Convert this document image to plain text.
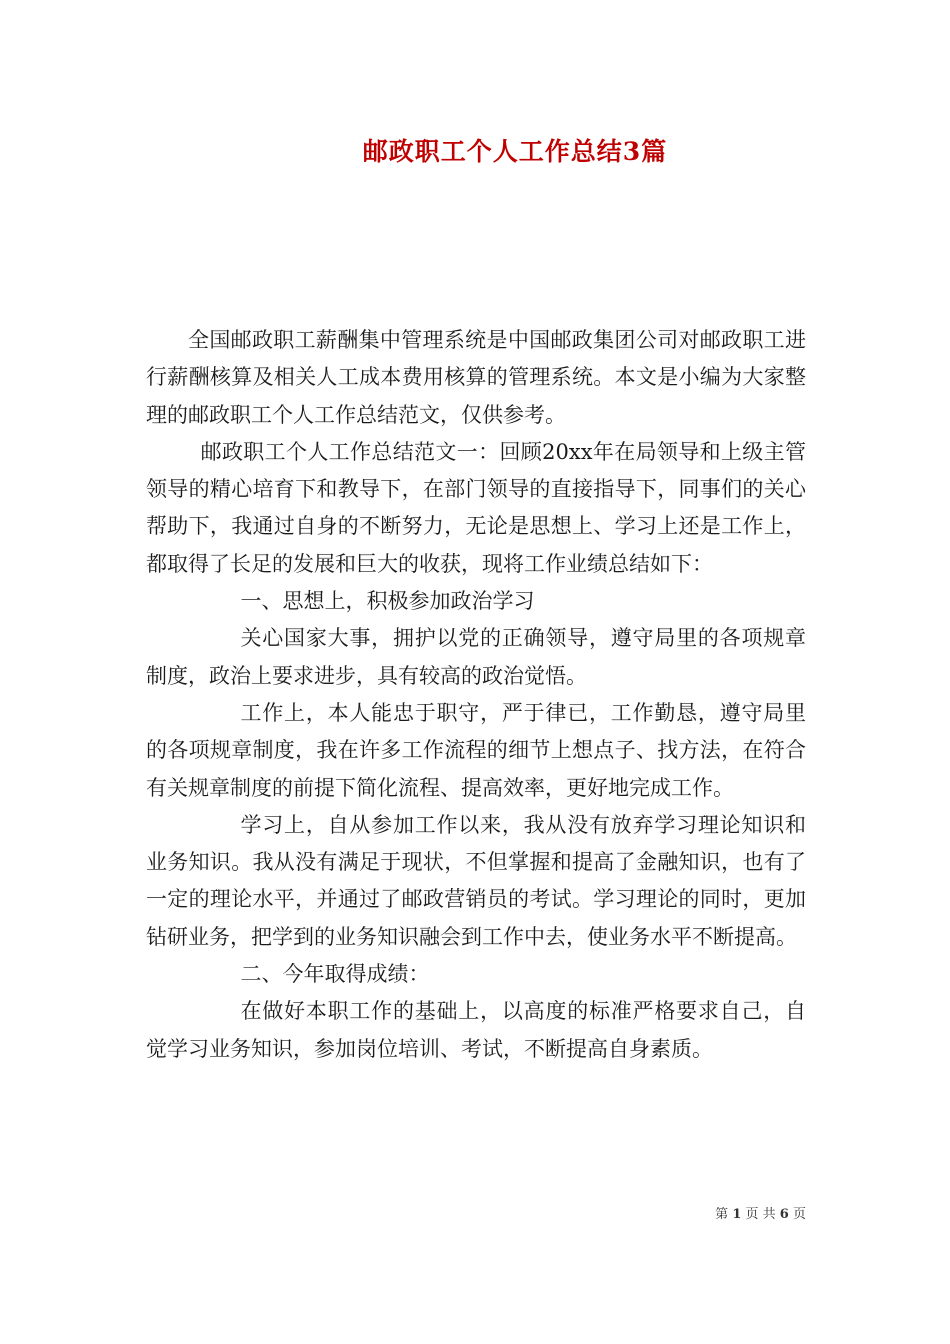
邮政职工个人工作总结3篇

全国邮政职工薪酬集中管理系统是中国邮政集团公司对邮政职工进行薪酬核算及相关人工成本费用核算的管理系统。本文是小编为大家整理的邮政职工个人工作总结范文，仅供参考。

邮政职工个人工作总结范文一：回顾20xx年在局领导和上级主管领导的精心培育下和教导下，在部门领导的直接指导下，同事们的关心帮助下，我通过自身的不断努力，无论是思想上、学习上还是工作上，都取得了长足的发展和巨大的收获，现将工作业绩总结如下：

一、思想上，积极参加政治学习

关心国家大事，拥护以党的正确领导，遵守局里的各项规章制度，政治上要求进步，具有较高的政治觉悟。

工作上，本人能忠于职守，严于律已，工作勤恳，遵守局里的各项规章制度，我在许多工作流程的细节上想点子、找方法，在符合有关规章制度的前提下简化流程、提高效率，更好地完成工作。

学习上，自从参加工作以来，我从没有放弃学习理论知识和业务知识。我从没有满足于现状，不但掌握和提高了金融知识，也有了一定的理论水平，并通过了邮政营销员的考试。学习理论的同时，更加钻研业务，把学到的业务知识融会到工作中去，使业务水平不断提高。

二、今年取得成绩：

在做好本职工作的基础上，以高度的标准严格要求自己，自觉学习业务知识，参加岗位培训、考试，不断提高自身素质。

第 1 页 共 6 页
